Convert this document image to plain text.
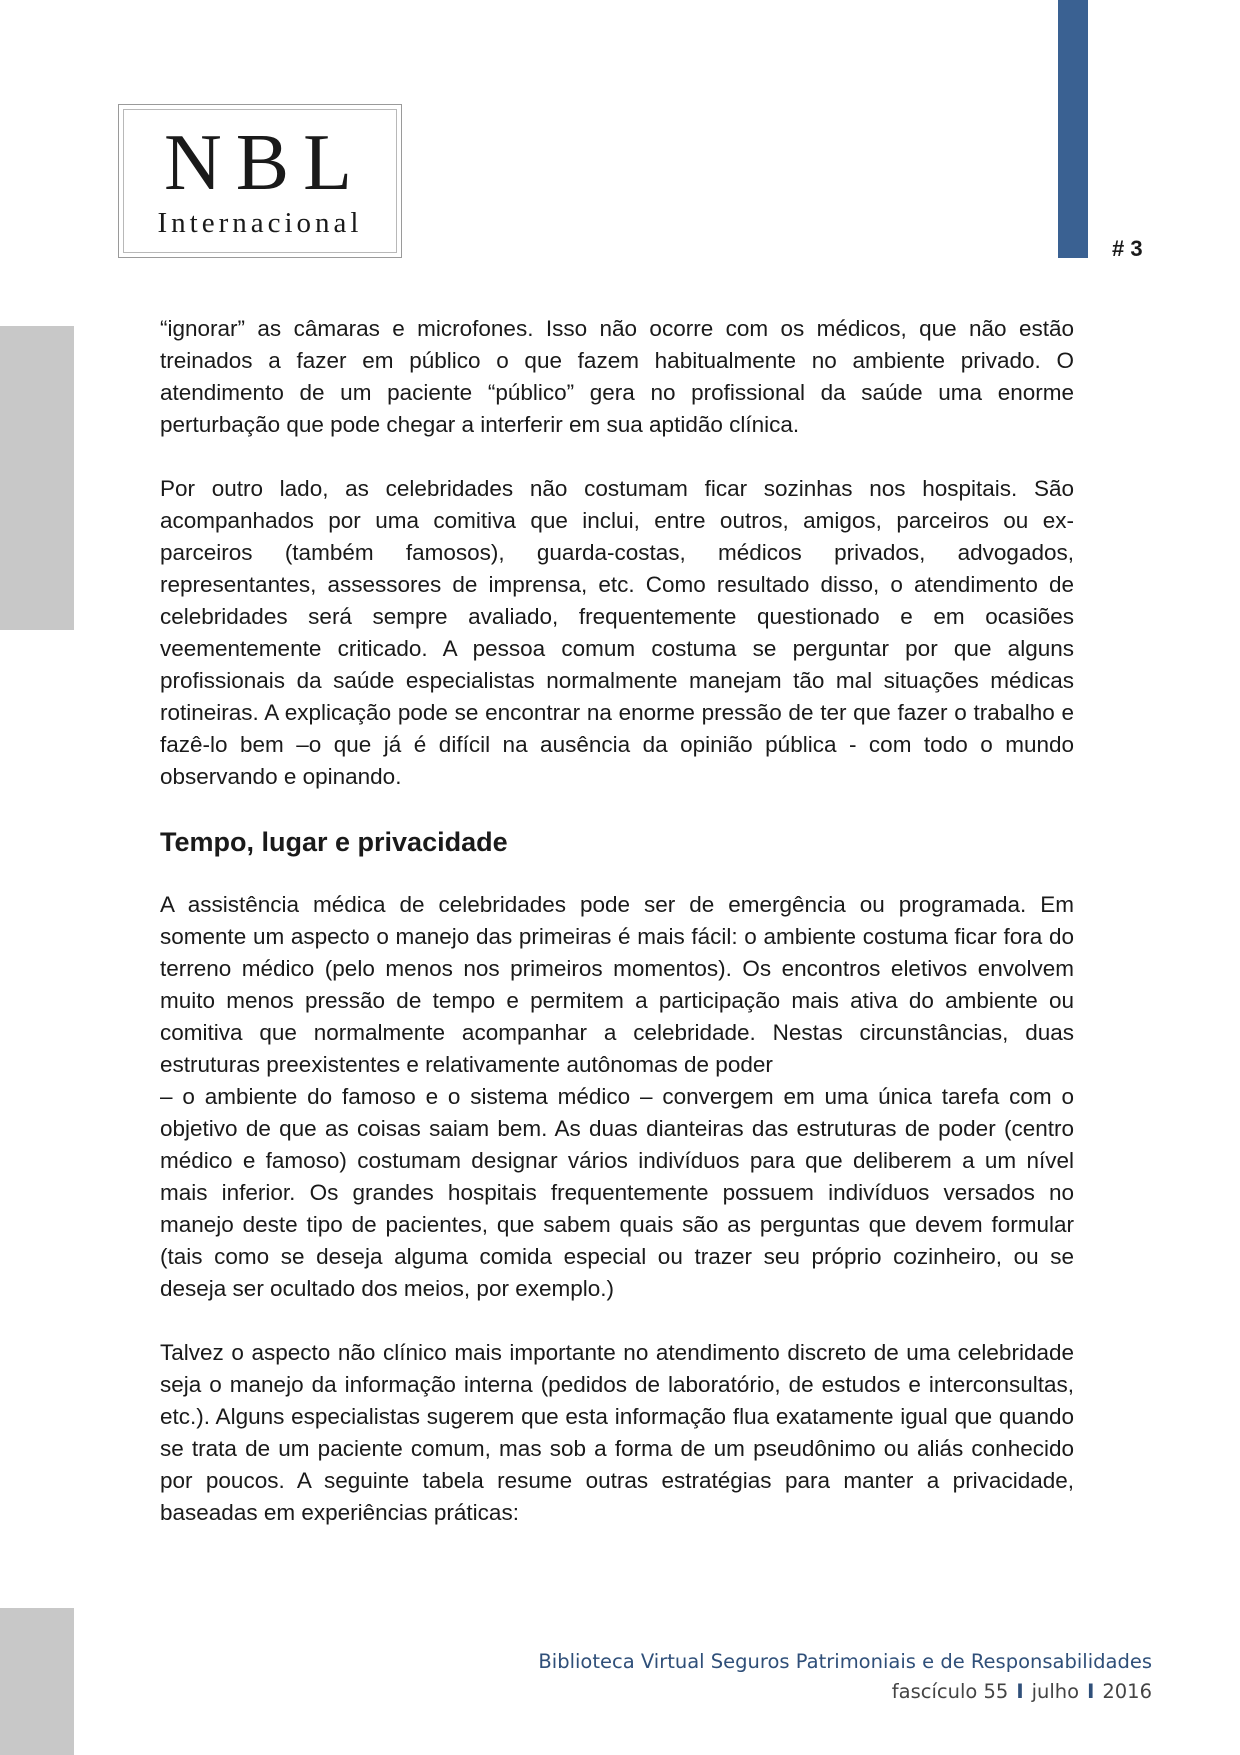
NBL
Internacional
# 3

“ignorar” as câmaras e microfones. Isso não ocorre com os médicos, que não estão treinados a fazer em público o que fazem habitualmente no ambiente privado. O atendimento de um paciente “público” gera no profissional da saúde uma enorme perturbação que pode chegar a interferir em sua aptidão clínica.

Por outro lado, as celebridades não costumam ficar sozinhas nos hospitais. São acompanhados por uma comitiva que inclui, entre outros, amigos, parceiros ou ex-parceiros (também famosos), guarda-costas, médicos privados, advogados, representantes, assessores de imprensa, etc. Como resultado disso, o atendimento de celebridades será sempre avaliado, frequentemente questionado e em ocasiões veementemente criticado. A pessoa comum costuma se perguntar por que alguns profissionais da saúde especialistas normalmente manejam tão mal situações médicas rotineiras. A explicação pode se encontrar na enorme pressão de ter que fazer o trabalho e fazê-lo bem –o que já é difícil na ausência da opinião pública - com todo o mundo observando e opinando.

Tempo, lugar e privacidade

A assistência médica de celebridades pode ser de emergência ou programada. Em somente um aspecto o manejo das primeiras é mais fácil: o ambiente costuma ficar fora do terreno médico (pelo menos nos primeiros momentos). Os encontros eletivos envolvem muito menos pressão de tempo e permitem a participação mais ativa do ambiente ou comitiva que normalmente acompanhar a celebridade. Nestas circunstâncias, duas estruturas preexistentes e relativamente autônomas de poder

– o ambiente do famoso e o sistema médico – convergem em uma única tarefa com o objetivo de que as coisas saiam bem. As duas dianteiras das estruturas de poder (centro médico e famoso) costumam designar vários indivíduos para que deliberem a um nível mais inferior. Os grandes hospitais frequentemente possuem indivíduos versados no manejo deste tipo de pacientes, que sabem quais são as perguntas que devem formular (tais como se deseja alguma comida especial ou trazer seu próprio cozinheiro, ou se deseja ser ocultado dos meios, por exemplo.)

Talvez o aspecto não clínico mais importante no atendimento discreto de uma celebridade seja o manejo da informação interna (pedidos de laboratório, de estudos e interconsultas, etc.). Alguns especialistas sugerem que esta informação flua exatamente igual que quando se trata de um paciente comum, mas sob a forma de um pseudônimo ou aliás conhecido por poucos. A seguinte tabela resume outras estratégias para manter a privacidade, baseadas em experiências práticas:

Biblioteca Virtual Seguros Patrimoniais e de Responsabilidades
fascículo 55 I julho I 2016
